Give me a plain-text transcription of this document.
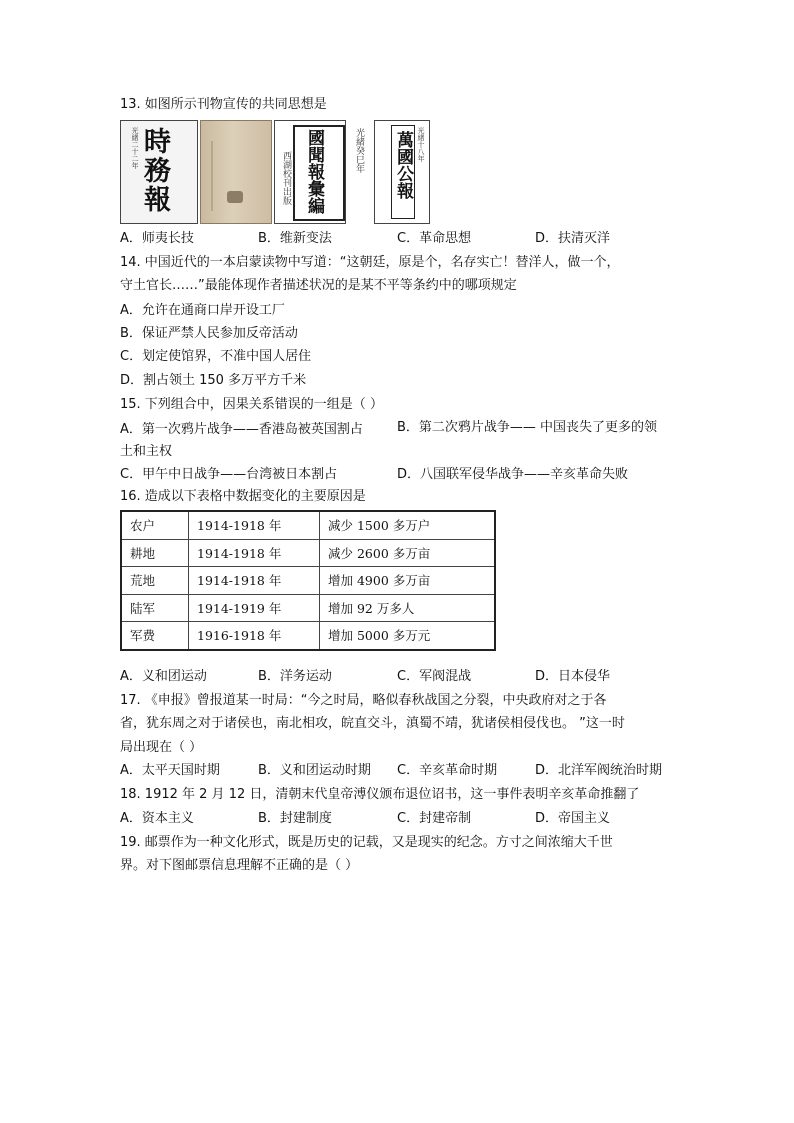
13. 如图所示刊物宣传的共同思想是
光緒二十二年 時務報	西湖校刊出版 國聞報彙編	光緒癸巳年	光緒十八年
萬國公報
A．师夷长技	B．维新变法	C．革命思想	D．扶清灭洋
14. 中国近代的一本启蒙读物中写道：“这朝廷，原是个，名存实亡！替洋人，做一个，
守土官长……”最能体现作者描述状况的是某不平等条约中的哪项规定
A．允许在通商口岸开设工厂
B．保证严禁人民参加反帝活动
C．划定使馆界，不准中国人居住
D．割占领土 150 多万平方千米
15. 下列组合中，因果关系错误的一组是（ ）
A．第一次鸦片战争——香港岛被英国割占	B．第二次鸦片战争—— 中国丧失了更多的领
土和主权
C．甲午中日战争——台湾被日本割占	D．八国联军侵华战争——辛亥革命失败
16. 造成以下表格中数据变化的主要原因是
农户	1914-1918 年	减少 1500 多万户
耕地	1914-1918 年	减少 2600 多万亩
荒地	1914-1918 年	增加 4900 多万亩
陆军	1914-1919 年	增加 92 万多人
军费	1916-1918 年	增加 5000 多万元
A．义和团运动	B．洋务运动	C．军阀混战	D．日本侵华
17. 《申报》曾报道某一时局：“今之时局，略似春秋战国之分裂，中央政府对之于各
省，犹东周之对于诸侯也，南北相攻，皖直交斗，滇蜀不靖，犹诸侯相侵伐也。 ”这一时
局出现在（ ）
A．太平天国时期	B．义和团运动时期 C．辛亥革命时期	D．北洋军阀统治时期
18. 1912 年 2 月 12 日，清朝末代皇帝溥仪颁布退位诏书，这一事件表明辛亥革命推翻了
A．资本主义	B．封建制度	C．封建帝制	D．帝国主义
19. 邮票作为一种文化形式，既是历史的记载，又是现实的纪念。方寸之间浓缩大千世
界。对下图邮票信息理解不正确的是（ ）
